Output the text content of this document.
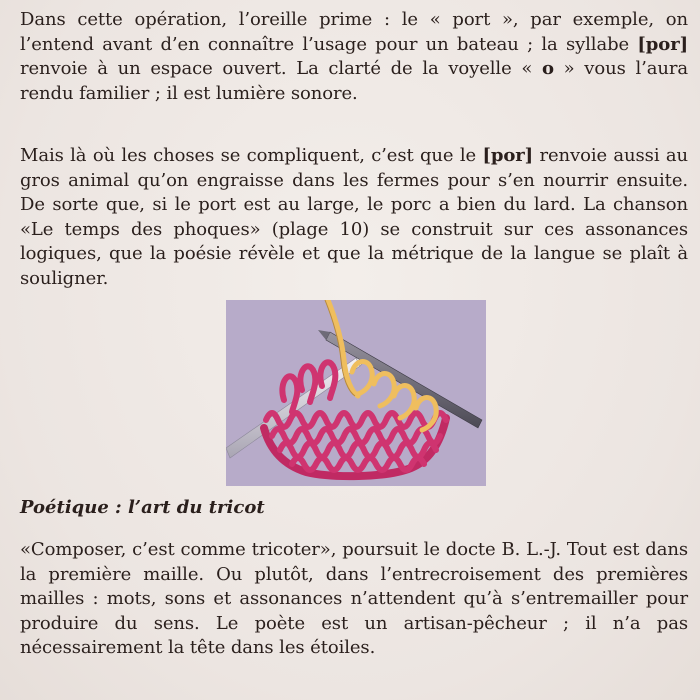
Dans cette opération, l’oreille prime : le « port », par exemple, on l’entend avant d’en connaître l’usage pour un bateau ; la syllabe [por] renvoie à un espace ouvert. La clarté de la voyelle « o » vous l’aura rendu familier ; il est lumière sonore.

Mais là où les choses se compliquent, c’est que le [por] renvoie aussi au gros animal qu’on engraisse dans les fermes pour s’en nourrir ensuite. De sorte que, si le port est au large, le porc a bien du lard. La chanson «Le temps des phoques» (plage 10) se construit sur ces assonances logiques, que la poésie révèle et que la métrique de la langue se plaît à souligner.

Poétique : l’art du tricot

«Composer, c’est comme tricoter», poursuit le docte B. L.-J. Tout est dans la première maille. Ou plutôt, dans l’entrecroisement des premières mailles : mots, sons et assonances n’attendent qu’à s’entremailler pour produire du sens. Le poète est un artisan-pêcheur ; il n’a pas nécessairement la tête dans les étoiles.
